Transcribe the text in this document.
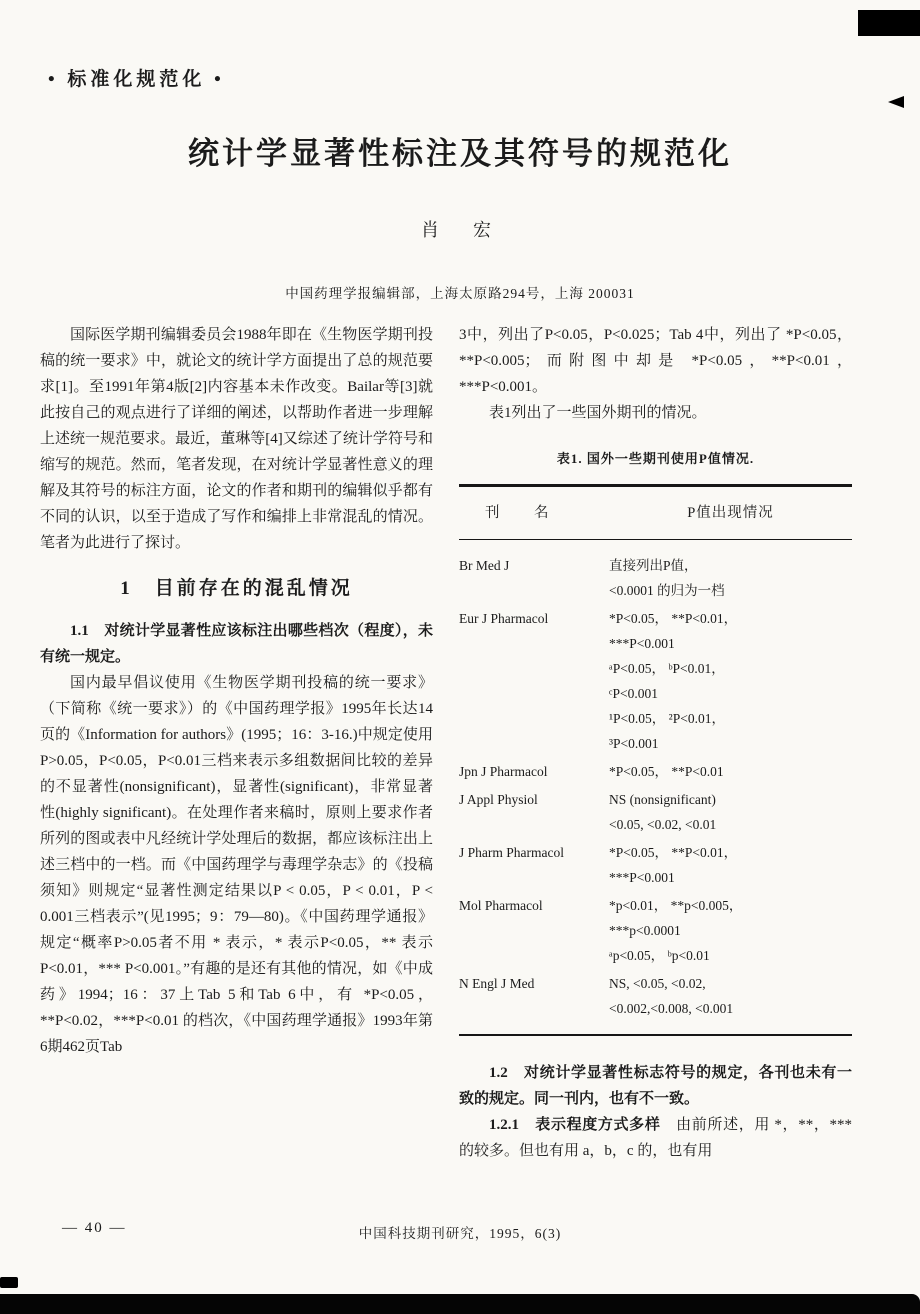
• 标准化规范化 •
统计学显著性标注及其符号的规范化
肖　宏
中国药理学报编辑部，上海太原路294号，上海 200031

国际医学期刊编辑委员会1988年即在《生物医学期刊投稿的统一要求》中，就论文的统计学方面提出了总的规范要求[1]。至1991年第4版[2]内容基本未作改变。Bailar等[3]就此按自己的观点进行了详细的阐述，以帮助作者进一步理解上述统一规范要求。最近，董琳等[4]又综述了统计学符号和缩写的规范。然而，笔者发现，在对统计学显著性意义的理解及其符号的标注方面，论文的作者和期刊的编辑似乎都有不同的认识，以至于造成了写作和编排上非常混乱的情况。笔者为此进行了探讨。

1　目前存在的混乱情况

1.1　对统计学显著性应该标注出哪些档次（程度），未有统一规定。

国内最早倡议使用《生物医学期刊投稿的统一要求》（下简称《统一要求》）的《中国药理学报》1995年长达14页的《Information for authors》(1995；16：3-16.)中规定使用P>0.05，P<0.05，P<0.01三档来表示多组数据间比较的差异的不显著性(nonsignificant)，显著性(significant)，非常显著性(highly significant)。在处理作者来稿时，原则上要求作者所列的图或表中凡经统计学处理后的数据，都应该标注出上述三档中的一档。而《中国药理学与毒理学杂志》的《投稿须知》则规定“显著性测定结果以P < 0.05，P < 0.01，P < 0.001三档表示”(见1995；9：79—80)。《中国药理学通报》规定“概率P>0.05者不用 * 表示，* 表示P<0.05，** 表示P<0.01，*** P<0.001。”有趣的是还有其他的情况，如《中成药》1994；16：37上Tab 5和Tab 6中，有 *P<0.05，**P<0.02，***P<0.01 的档次，《中国药理学通报》1993年第6期462页Tab

3中，列出了P<0.05，P<0.025；Tab 4中，列出了 *P<0.05，**P<0.005；而附图中却是 *P<0.05，**P<0.01，***P<0.001。

表1列出了一些国外期刊的情况。

表1. 国外一些期刊使用P值情况.
刊　名	P值出现情况
Br Med J	直接列出P值，
<0.0001 的归为一档
Eur J Pharmacol	*P<0.05， **P<0.01，
***P<0.001
ᵃP<0.05， ᵇP<0.01，
ᶜP<0.001
¹P<0.05， ²P<0.01，
³P<0.001
Jpn J Pharmacol	*P<0.05， **P<0.01
J Appl Physiol	NS (nonsignificant)
<0.05, <0.02, <0.01
J Pharm Pharmacol	*P<0.05， **P<0.01，
***P<0.001
Mol Pharmacol	*p<0.01， **p<0.005，
***p<0.0001
ᵃp<0.05， ᵇp<0.01
N Engl J Med	NS, <0.05, <0.02,
<0.002,<0.008, <0.001

1.2　对统计学显著性标志符号的规定，各刊也未有一致的规定。同一刊内，也有不一致。

1.2.1　表示程度方式多样　由前所述，用 *，**，*** 的较多。但也有用 a，b，c 的，也有用

— 40 —	中国科技期刊研究，1995，6(3)
